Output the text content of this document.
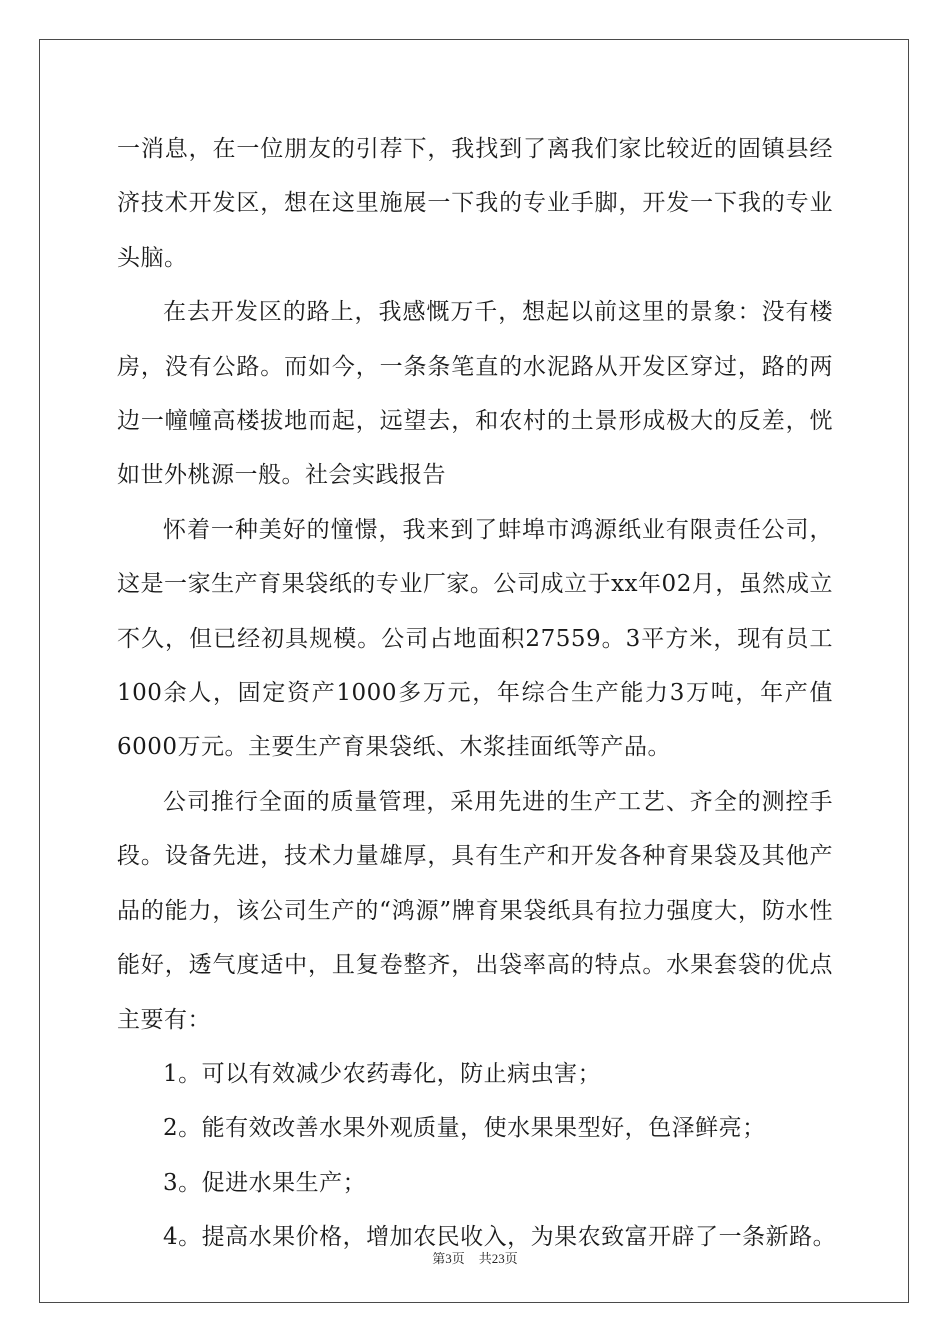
一消息，在一位朋友的引荐下，我找到了离我们家比较近的固镇县经济技术开发区，想在这里施展一下我的专业手脚，开发一下我的专业头脑。

在去开发区的路上，我感慨万千，想起以前这里的景象：没有楼房，没有公路。而如今，一条条笔直的水泥路从开发区穿过，路的两边一幢幢高楼拔地而起，远望去，和农村的土景形成极大的反差，恍如世外桃源一般。社会实践报告

怀着一种美好的憧憬，我来到了蚌埠市鸿源纸业有限责任公司，这是一家生产育果袋纸的专业厂家。公司成立于xx年02月，虽然成立不久，但已经初具规模。公司占地面积27559。3平方米，现有员工100余人，固定资产1000多万元，年综合生产能力3万吨，年产值6000万元。主要生产育果袋纸、木浆挂面纸等产品。

公司推行全面的质量管理，采用先进的生产工艺、齐全的测控手段。设备先进，技术力量雄厚，具有生产和开发各种育果袋及其他产品的能力，该公司生产的“鸿源”牌育果袋纸具有拉力强度大，防水性能好，透气度适中，且复卷整齐，出袋率高的特点。水果套袋的优点主要有：

1。可以有效减少农药毒化，防止病虫害；

2。能有效改善水果外观质量，使水果果型好，色泽鲜亮；

3。促进水果生产；

4。提高水果价格，增加农民收入，为果农致富开辟了一条新路。

第3页 共23页
